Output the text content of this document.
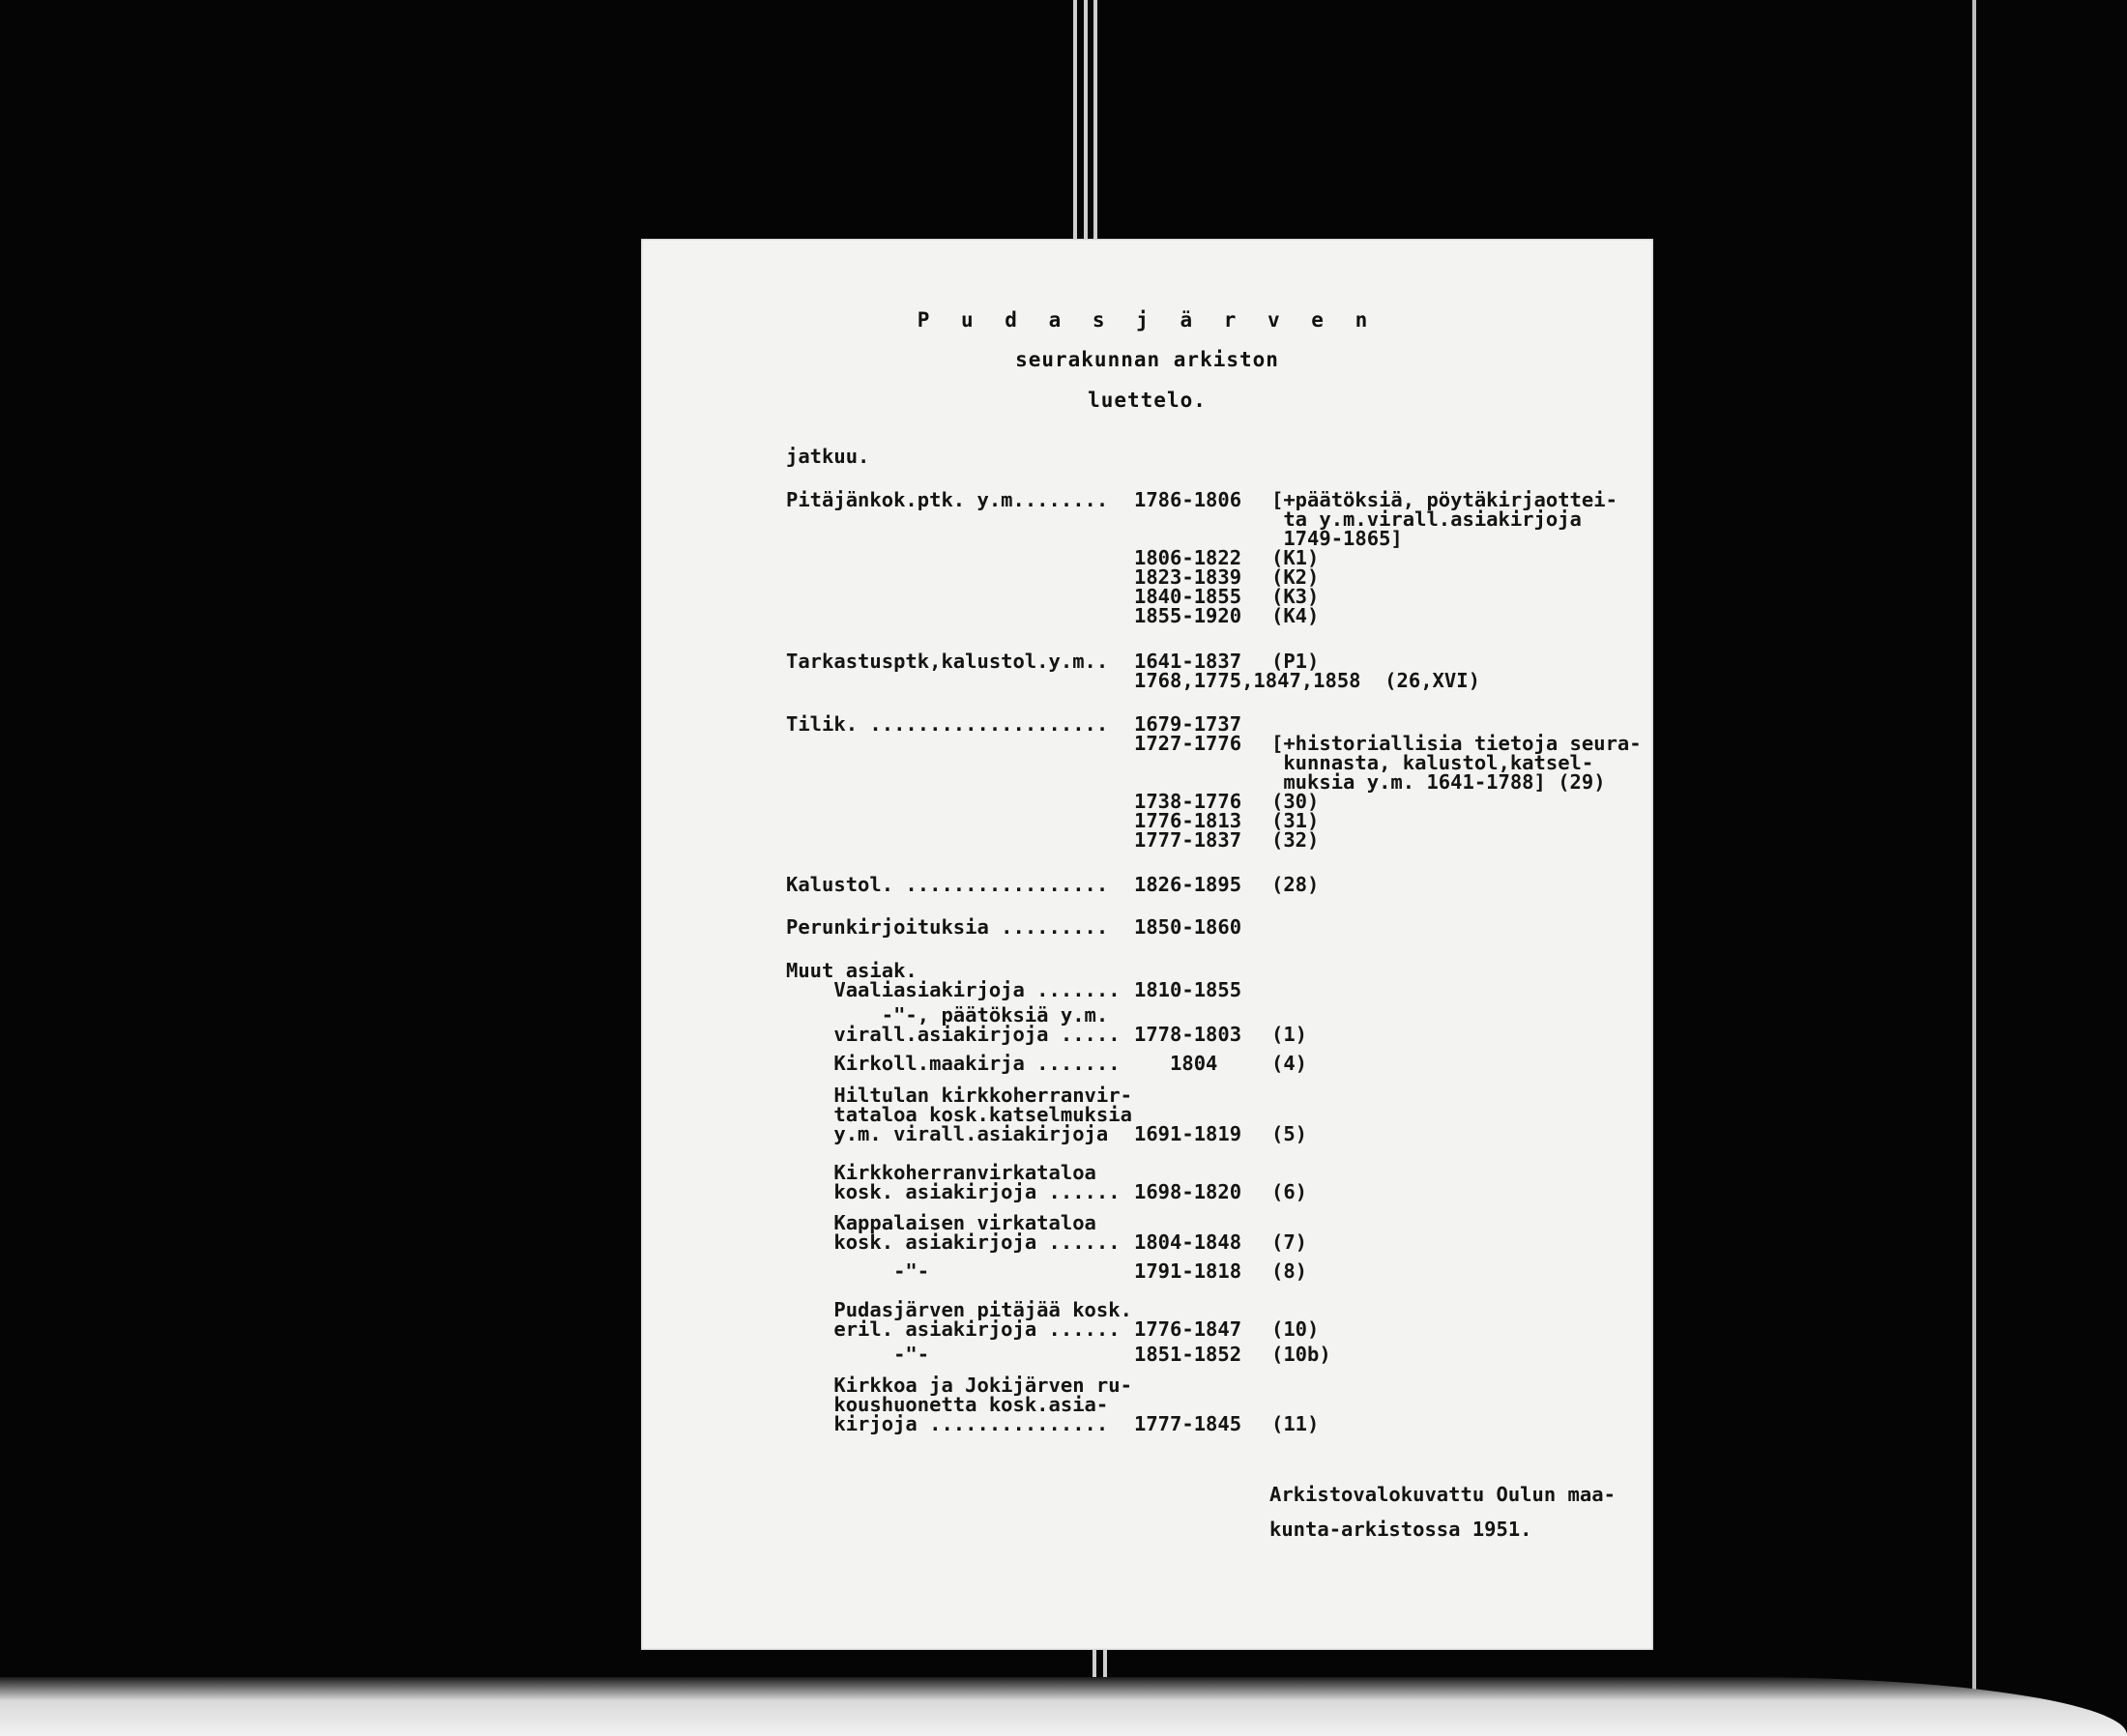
P u d a s j ä r v e n
seurakunnan arkiston
luettelo.
jatkuu.
Pitäjänkok.ptk. y.m........ 1786-1806 [+päätöksiä, pöytäkirjaottei-
ta y.m.virall.asiakirjoja
1749-1865]
1806-1822 (K1)
1823-1839 (K2)
1840-1855 (K3)
1855-1920 (K4)
Tarkastusptk,kalustol.y.m.. 1641-1837 (P1)
1768,1775,1847,1858  (26,XVI)
Tilik. .................... 1679-1737
1727-1776 [+historiallisia tietoja seura-
kunnasta, kalustol,katsel-
muksia y.m. 1641-1788] (29)
1738-1776 (30)
1776-1813 (31)
1777-1837 (32)
Kalustol. ................. 1826-1895 (28)
Perunkirjoituksia ......... 1850-1860
Muut asiak.
Vaaliasiakirjoja ....... 1810-1855
-"-, päätöksiä y.m.
virall.asiakirjoja ..... 1778-1803 (1)
Kirkoll.maakirja ....... 1804	(4)
Hiltulan kirkkoherranvir-
tataloa kosk.katselmuksia
y.m. virall.asiakirjoja 1691-1819 (5)
Kirkkoherranvirkataloa
kosk. asiakirjoja ...... 1698-1820 (6)
Kappalaisen virkataloa
kosk. asiakirjoja ...... 1804-1848 (7)
-"-	1791-1818 (8)
Pudasjärven pitäjää kosk.
eril. asiakirjoja ...... 1776-1847 (10)
-"-	1851-1852 (10b)
Kirkkoa ja Jokijärven ru-
koushuonetta kosk.asia-
kirjoja ............... 1777-1845 (11)
Arkistovalokuvattu Oulun maa-
kunta-arkistossa 1951.
